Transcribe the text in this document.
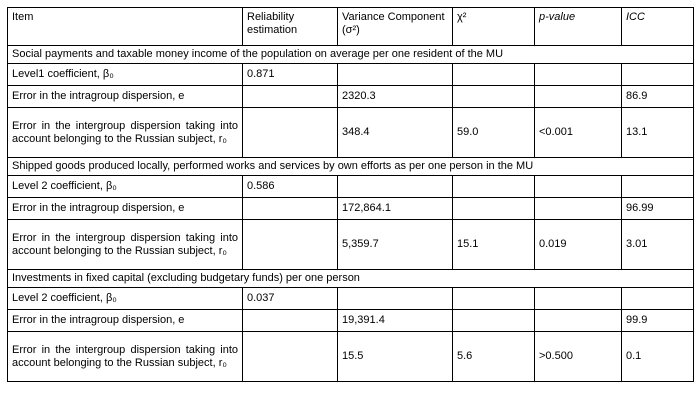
Item	Reliability estimation	Variance Component (σ²)	χ²	p-value	ICC
Social payments and taxable money income of the population on average per one resident of the MU					
Level1 coefficient, β₀	0.871				
Error in the intragroup dispersion, e		2320.3			86.9
Error in the intergroup dispersion taking into account belonging to the Russian subject, r₀		348.4	59.0	<0.001	13.1
Shipped goods produced locally, performed works and services by own efforts as per one person in the MU					
Level 2 coefficient, β₀	0.586				
Error in the intragroup dispersion, e		172,864.1			96.99
Error in the intergroup dispersion taking into account belonging to the Russian subject, r₀		5,359.7	15.1	0.019	3.01
Investments in fixed capital (excluding budgetary funds) per one person					
Level 2 coefficient, β₀	0.037				
Error in the intragroup dispersion, e		19,391.4			99.9
Error in the intergroup dispersion taking into account belonging to the Russian subject, r₀		15.5	5.6	>0.500	0.1
